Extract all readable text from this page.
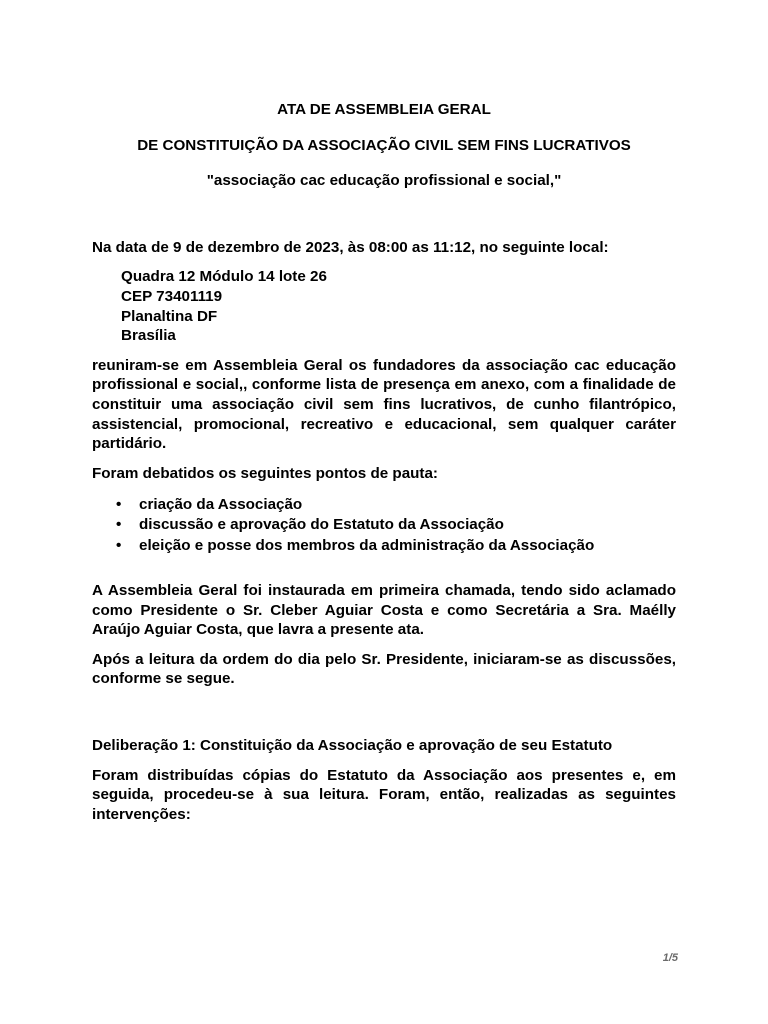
ATA DE ASSEMBLEIA GERAL

DE CONSTITUIÇÃO DA ASSOCIAÇÃO CIVIL SEM FINS LUCRATIVOS

"associação cac educação profissional e social,"

Na data de 9 de dezembro de 2023, às 08:00 as 11:12, no seguinte local:

Quadra 12 Módulo 14 lote 26
CEP 73401119
Planaltina DF
Brasília

reuniram-se em Assembleia Geral os fundadores da associação cac educação profissional e social,, conforme lista de presença em anexo, com a finalidade de constituir uma associação civil sem fins lucrativos, de cunho filantrópico, assistencial, promocional, recreativo e educacional, sem qualquer caráter partidário.

Foram debatidos os seguintes pontos de pauta:

• criação da Associação
• discussão e aprovação do Estatuto da Associação
• eleição e posse dos membros da administração da Associação

A Assembleia Geral foi instaurada em primeira chamada, tendo sido aclamado como Presidente o Sr. Cleber Aguiar Costa e como Secretária a Sra. Maélly Araújo Aguiar Costa, que lavra a presente ata.

Após a leitura da ordem do dia pelo Sr. Presidente, iniciaram-se as discussões, conforme se segue.

Deliberação 1: Constituição da Associação e aprovação de seu Estatuto

Foram distribuídas cópias do Estatuto da Associação aos presentes e, em seguida, procedeu-se à sua leitura. Foram, então, realizadas as seguintes intervenções:

1/5
